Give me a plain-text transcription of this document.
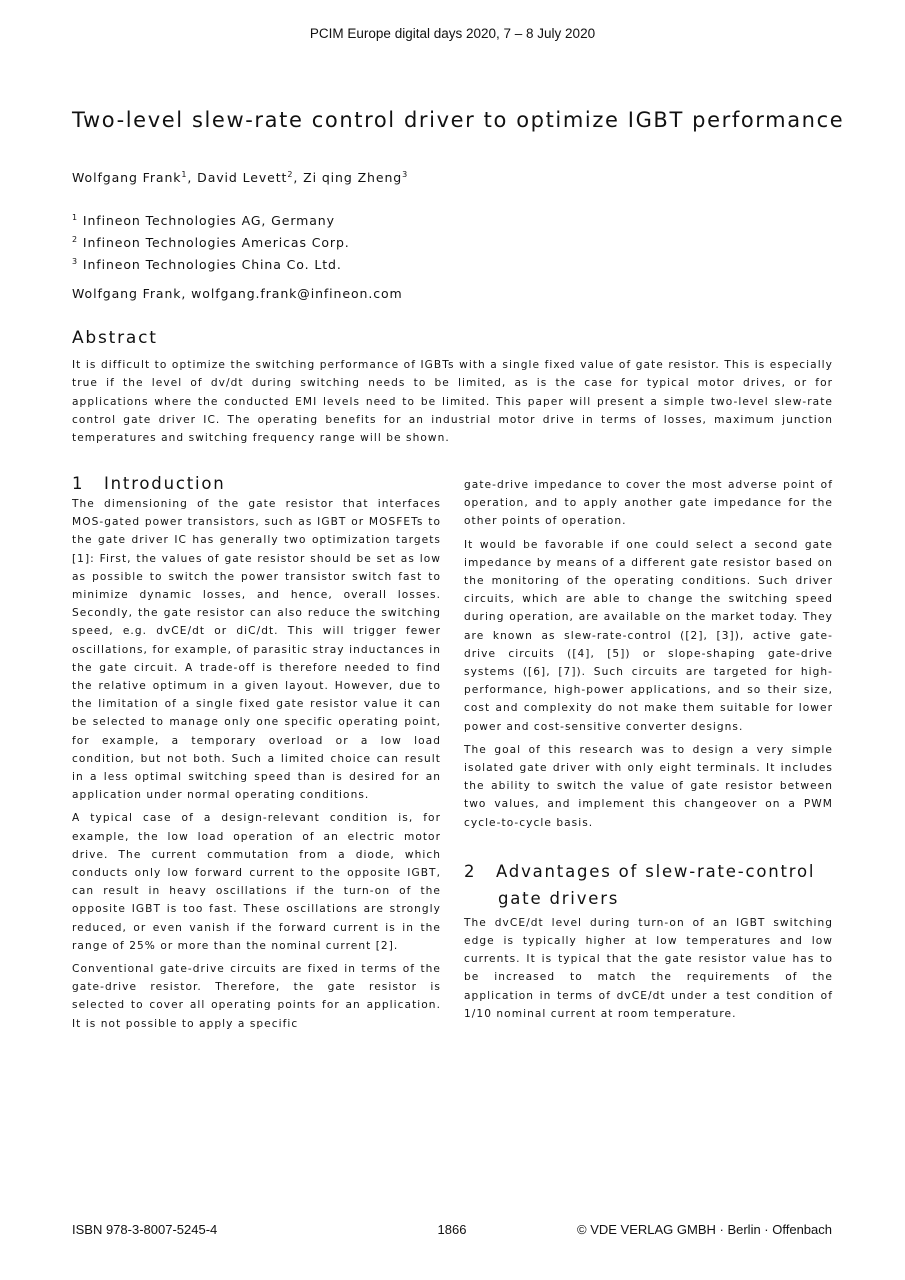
PCIM Europe digital days 2020, 7 – 8 July 2020
Two-level slew-rate control driver to optimize IGBT performance
Wolfgang Frank$^1$, David Levett$^2$, Zi qing Zheng$^3$
$^1$ Infineon Technologies AG, Germany
$^2$ Infineon Technologies Americas Corp.
$^3$ Infineon Technologies China Co. Ltd.
Wolfgang Frank, wolfgang.frank@infineon.com
Abstract

It is difficult to optimize the switching performance of IGBTs with a single fixed value of gate resistor. This is especially true if the level of dv/dt during switching needs to be limited, as is the case for typical motor drives, or for applications where the conducted EMI levels need to be limited. This paper will present a simple two-level slew-rate control gate driver IC. The operating benefits for an industrial motor drive in terms of losses, maximum junction temperatures and switching frequency range will be shown.

1 Introduction

The dimensioning of the gate resistor that interfaces MOS-gated power transistors, such as IGBT or MOSFETs to the gate driver IC has generally two optimization targets [1]: First, the values of gate resistor should be set as low as possible to switch the power transistor switch fast to minimize dynamic losses, and hence, overall losses. Secondly, the gate resistor can also reduce the switching speed, e.g. dvCE/dt or diC/dt. This will trigger fewer oscillations, for example, of parasitic stray inductances in the gate circuit. A trade-off is therefore needed to find the relative optimum in a given layout. However, due to the limitation of a single fixed gate resistor value it can be selected to manage only one specific operating point, for example, a temporary overload or a low load condition, but not both. Such a limited choice can result in a less optimal switching speed than is desired for an application under normal operating conditions.

A typical case of a design-relevant condition is, for example, the low load operation of an electric motor drive. The current commutation from a diode, which conducts only low forward current to the opposite IGBT, can result in heavy oscillations if the turn-on of the opposite IGBT is too fast. These oscillations are strongly reduced, or even vanish if the forward current is in the range of 25% or more than the nominal current [2].

Conventional gate-drive circuits are fixed in terms of the gate-drive resistor. Therefore, the gate resistor is selected to cover all operating points for an application. It is not possible to apply a specific

gate-drive impedance to cover the most adverse point of operation, and to apply another gate impedance for the other points of operation.

It would be favorable if one could select a second gate impedance by means of a different gate resistor based on the monitoring of the operating conditions. Such driver circuits, which are able to change the switching speed during operation, are available on the market today. They are known as slew-rate-control ([2], [3]), active gate-drive circuits ([4], [5]) or slope-shaping gate-drive systems ([6], [7]). Such circuits are targeted for high-performance, high-power applications, and so their size, cost and complexity do not make them suitable for lower power and cost-sensitive converter designs.

The goal of this research was to design a very simple isolated gate driver with only eight terminals. It includes the ability to switch the value of gate resistor between two values, and implement this changeover on a PWM cycle-to-cycle basis.

2 Advantages of slew-rate-control
gate drivers

The dvCE/dt level during turn-on of an IGBT switching edge is typically higher at low temperatures and low currents. It is typical that the gate resistor value has to be increased to match the requirements of the application in terms of dvCE/dt under a test condition of 1/10 nominal current at room temperature.

ISBN 978-3-8007-5245-4	1866	© VDE VERLAG GMBH · Berlin · Offenbach
